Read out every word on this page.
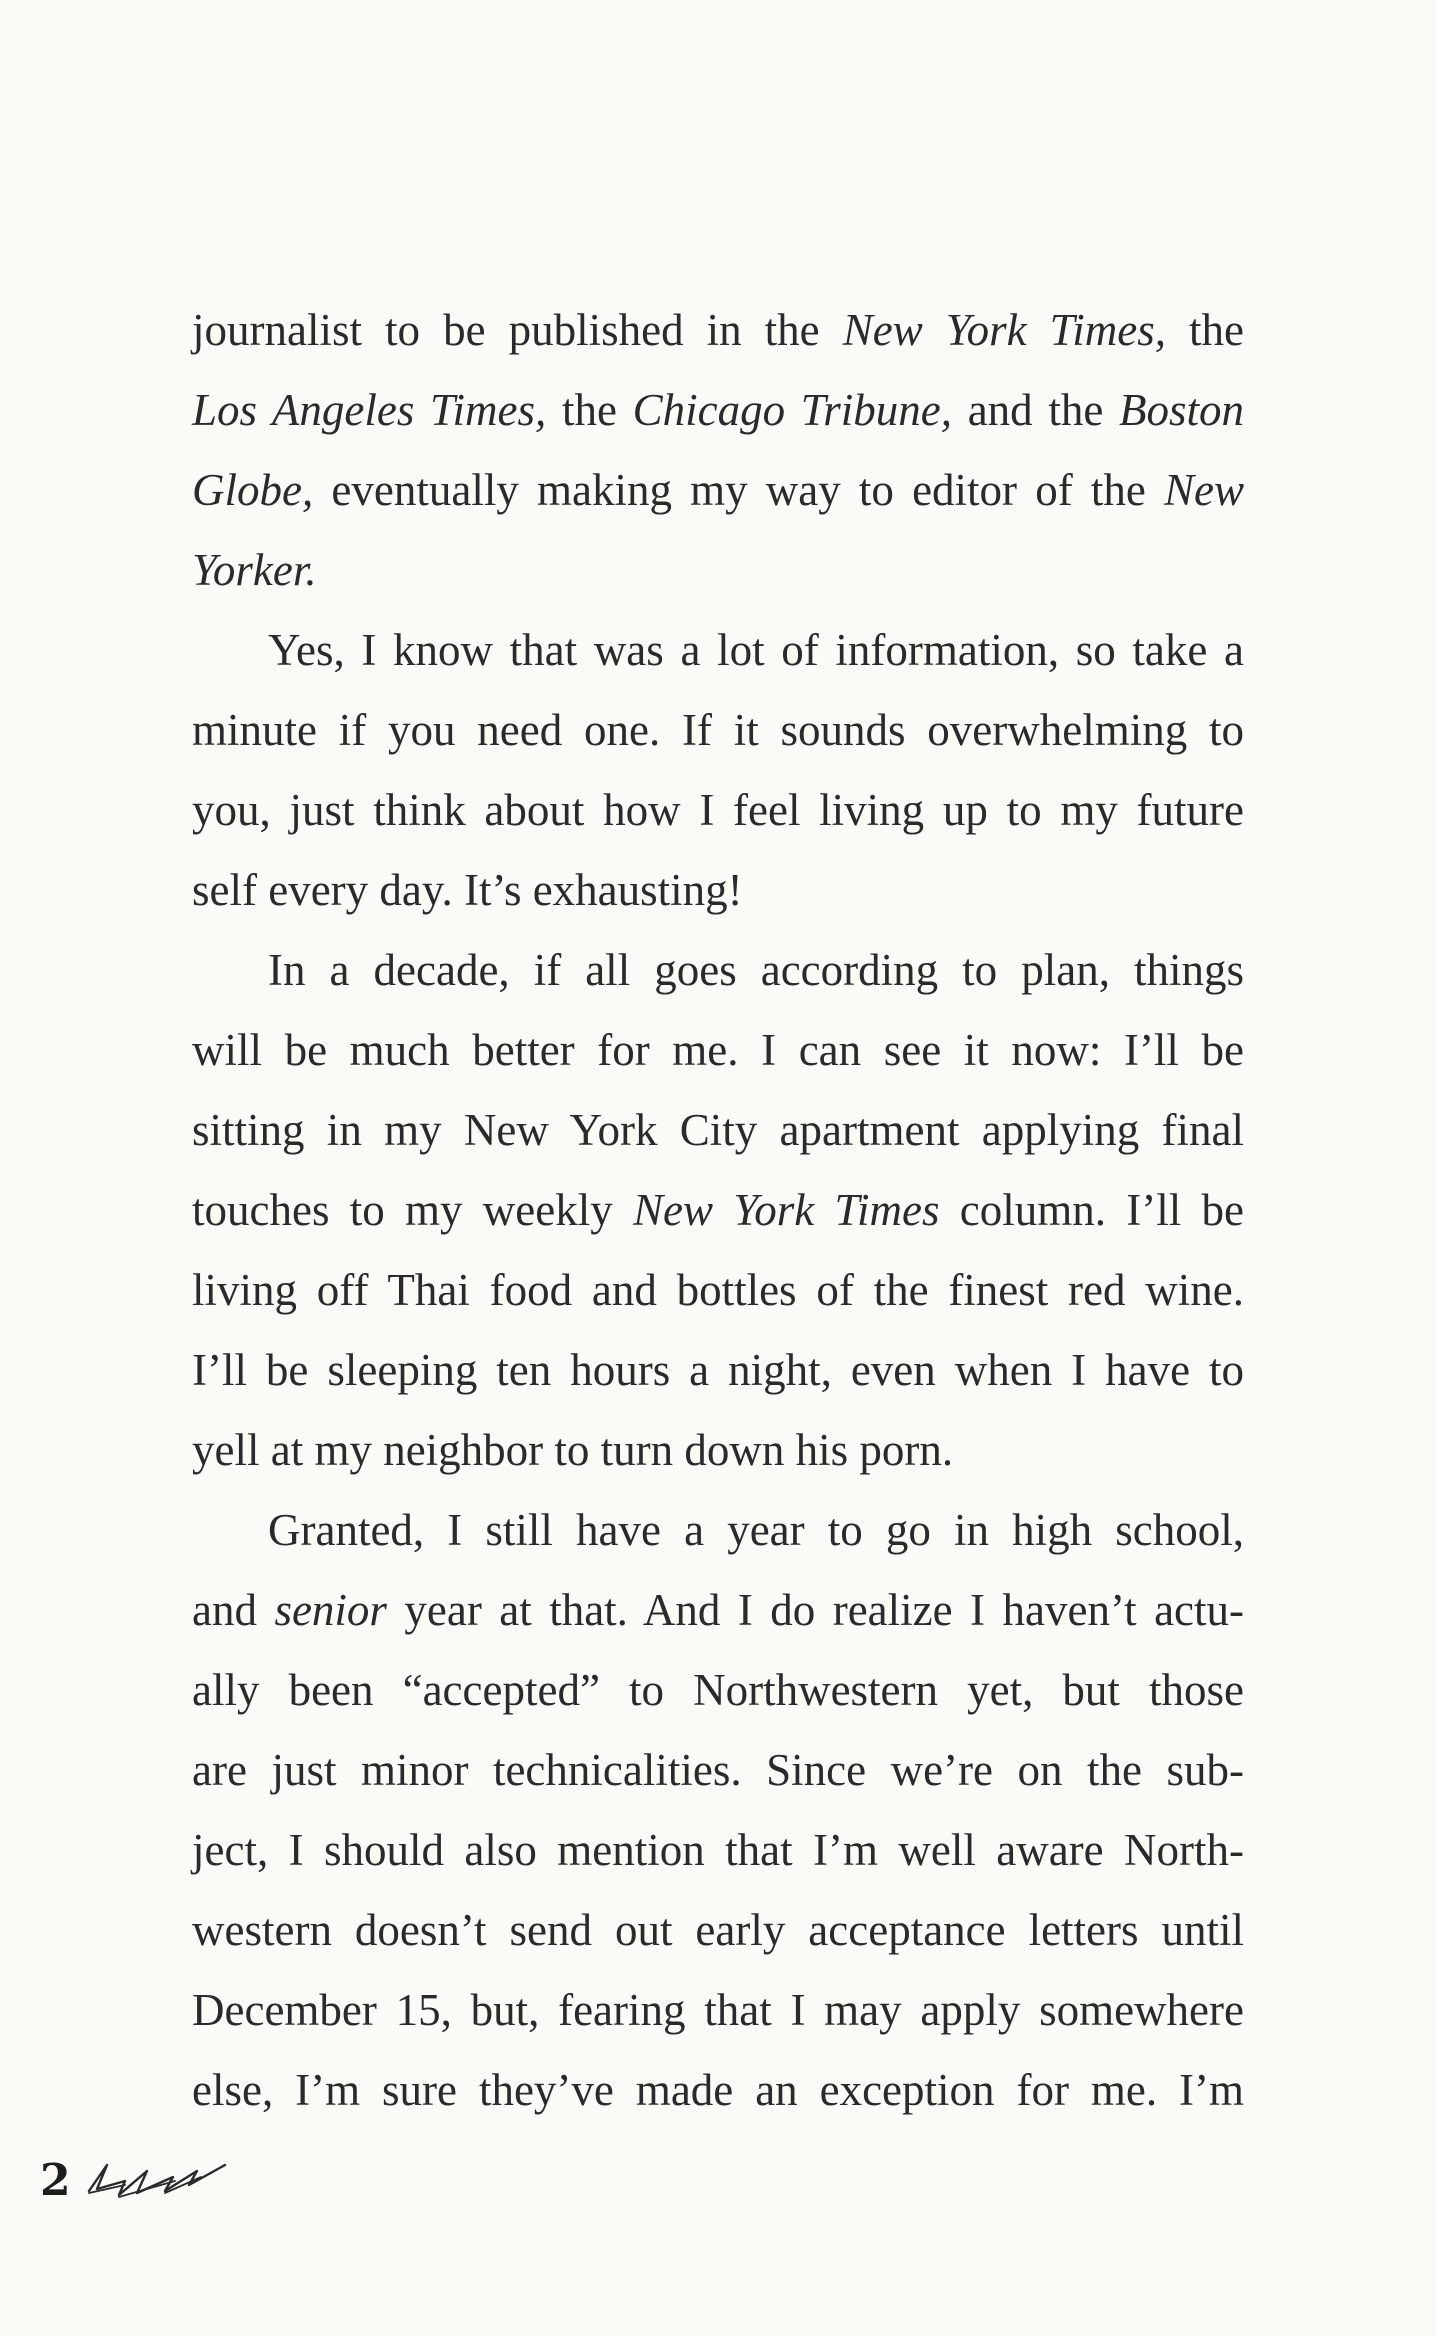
journalist to be published in the New York Times, the
Los Angeles Times, the Chicago Tribune, and the Boston
Globe, eventually making my way to editor of the New
Yorker.
Yes, I know that was a lot of information, so take a
minute if you need one. If it sounds overwhelming to
you, just think about how I feel living up to my future
self every day. It’s exhausting!
In a decade, if all goes according to plan, things
will be much better for me. I can see it now: I’ll be
sitting in my New York City apartment applying final
touches to my weekly New York Times column. I’ll be
living off Thai food and bottles of the finest red wine.
I’ll be sleeping ten hours a night, even when I have to
yell at my neighbor to turn down his porn.
Granted, I still have a year to go in high school,
and senior year at that. And I do realize I haven’t actu-
ally been “accepted” to Northwestern yet, but those
are just minor technicalities. Since we’re on the sub-
ject, I should also mention that I’m well aware North-
western doesn’t send out early acceptance letters until
December 15, but, fearing that I may apply somewhere
else, I’m sure they’ve made an exception for me. I’m
2
